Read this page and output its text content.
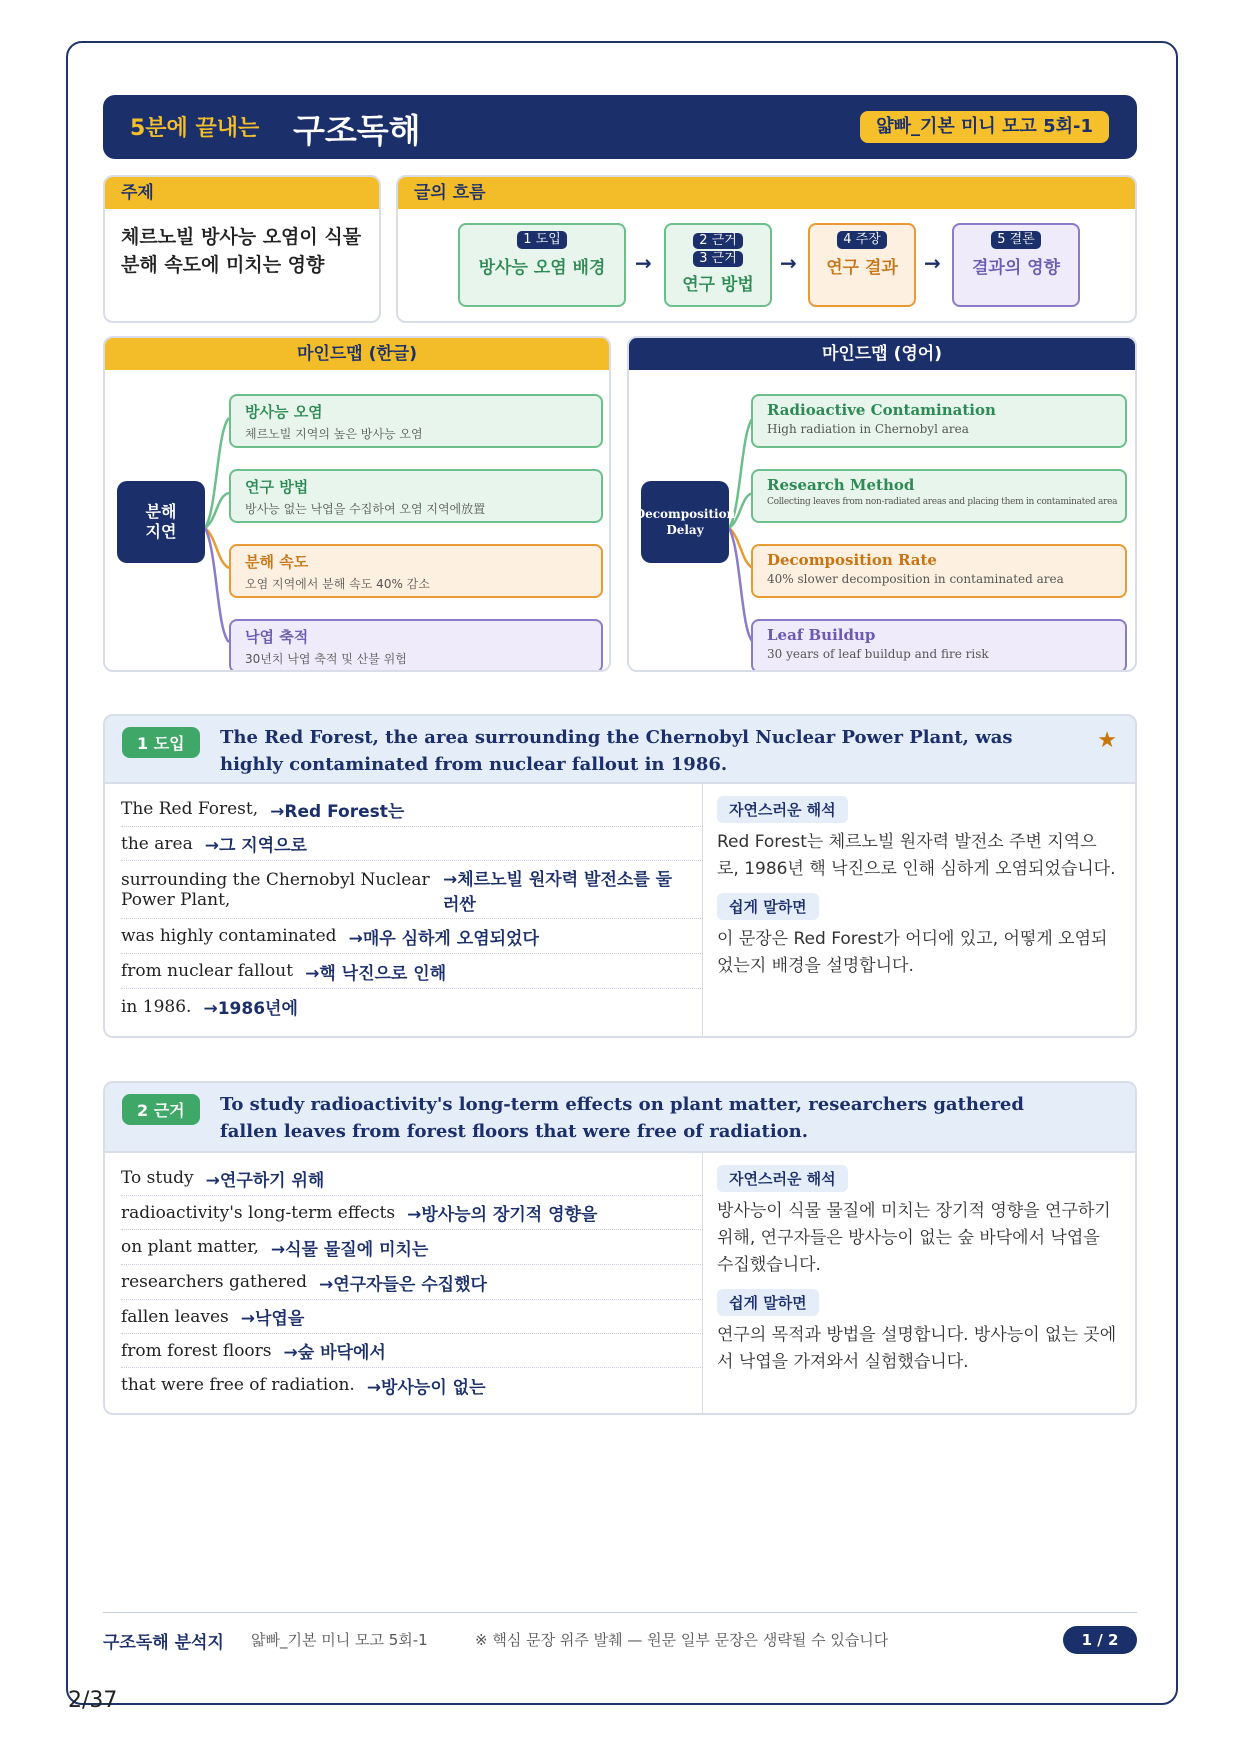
5분에 끝내는 구조독해	얇빠_기본 미니 모고 5회-1
주제
체르노빌 방사능 오염이 식물 분해 속도에 미치는 영향
글의 흐름
1 도입
방사능 오염 배경	→
2 근거
3 근거
연구 방법
→
4 주장
연구 결과	→
5 결론
결과의 영향
마인드맵 (한글)
분해
지연
방사능 오염
체르노빌 지역의 높은 방사능 오염
연구 방법
방사능 없는 낙엽을 수집하여 오염 지역에放置
분해 속도
오염 지역에서 분해 속도 40% 감소
낙엽 축적
30년치 낙엽 축적 및 산불 위험
마인드맵 (영어)
Decomposition
Delay
Radioactive Contamination
High radiation in Chernobyl area
Research Method
Collecting leaves from non-radiated areas and placing them in contaminated area
Decomposition Rate
40% slower decomposition in contaminated area
Leaf Buildup
30 years of leaf buildup and fire risk
1 도입	The Red Forest, the area surrounding the Chernobyl Nuclear Power Plant, was highly contaminated from nuclear fallout in 1986.
★
The Red Forest, →Red Forest는
the area →그 지역으로
surrounding the Chernobyl Nuclear Power Plant,
→체르노빌 원자력 발전소를 둘러싼
was highly contaminated →매우 심하게 오염되었다
from nuclear fallout →핵 낙진으로 인해
in 1986. →1986년에
자연스러운 해석

Red Forest는 체르노빌 원자력 발전소 주변 지역으로, 1986년 핵 낙진으로 인해 심하게 오염되었습니다.

쉽게 말하면

이 문장은 Red Forest가 어디에 있고, 어떻게 오염되었는지 배경을 설명합니다.

2 근거	To study radioactivity's long-term effects on plant matter, researchers gathered fallen leaves from forest floors that were free of radiation.
To study →연구하기 위해
radioactivity's long-term effects →방사능의 장기적 영향을
on plant matter, →식물 물질에 미치는
researchers gathered →연구자들은 수집했다
fallen leaves →낙엽을
from forest floors →숲 바닥에서
that were free of radiation. →방사능이 없는
자연스러운 해석

방사능이 식물 물질에 미치는 장기적 영향을 연구하기 위해, 연구자들은 방사능이 없는 숲 바닥에서 낙엽을 수집했습니다.

쉽게 말하면

연구의 목적과 방법을 설명합니다. 방사능이 없는 곳에서 낙엽을 가져와서 실험했습니다.

구조독해 분석지 얇빠_기본 미니 모고 5회-1	※ 핵심 문장 위주 발췌 — 원문 일부 문장은 생략될 수 있습니다	1 / 2
2/37
